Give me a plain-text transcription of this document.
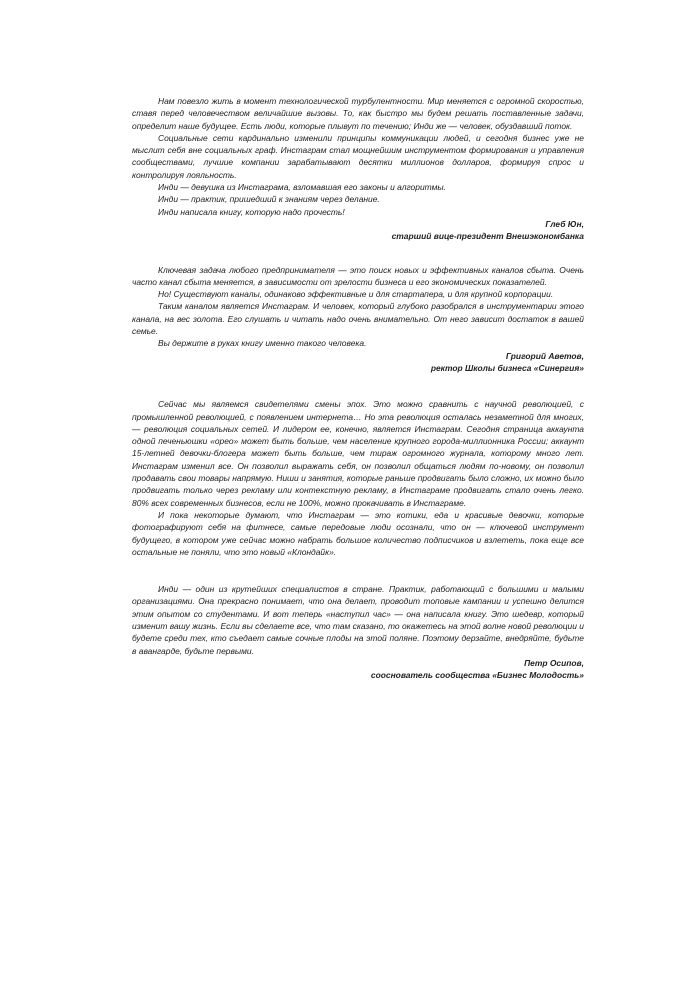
Нам повезло жить в момент технологической турбулентности. Мир меняется с огромной скоростью, ставя перед человечеством величайшие вызовы. То, как быстро мы будем решать поставленные задачи, определит наше будущее. Есть люди, которые плывут по течению; Инди же — человек, обуздавший поток.

Социальные сети кардинально изменили принципы коммуникации людей, и сегодня бизнес уже не мыслит себя вне социальных граф. Инстаграм стал мощнейшим инструментом формирования и управления сообществами, лучшие компании зарабатывают десятки миллионов долларов, формируя спрос и контролируя лояльность.

Инди — девушка из Инстаграма, взломавшая его законы и алгоритмы.

Инди — практик, пришедший к знаниям через делание.

Инди написала книгу, которую надо прочесть!

Глеб Юн,
старший вице-президент Внешэкономбанка

Ключевая задача любого предпринимателя — это поиск новых и эффективных каналов сбыта. Очень часто канал сбыта меняется, в зависимости от зрелости бизнеса и его экономических показателей.

Но! Существуют каналы, одинаково эффективные и для стартапера, и для крупной корпорации.

Таким каналом является Инстаграм. И человек, который глубоко разобрался в инструментарии этого канала, на вес золота. Его слушать и читать надо очень внимательно. От него зависит достаток в вашей семье.

Вы держите в руках книгу именно такого человека.

Григорий Аветов,
ректор Школы бизнеса «Синергия»

Сейчас мы являемся свидетелями смены эпох. Это можно сравнить с научной революцией, с промышленной революцией, с появлением интернета… Но эта революция осталась незаметной для многих, — революция социальных сетей. И лидером ее, конечно, является Инстаграм. Сегодня страница аккаунта одной печеньюшки «орео» может быть больше, чем население крупного города-миллионника России; аккаунт 15-летней девочки-блогера может быть больше, чем тираж огромного журнала, которому много лет. Инстаграм изменил все. Он позволил выражать себя, он позволил общаться людям по-новому, он позволил продавать свои товары напрямую. Ниши и занятия, которые раньше продвигать было сложно, их можно было продвигать только через рекламу или контекстную рекламу, в Инстаграме продвигать стало очень легко. 80% всех современных бизнесов, если не 100%, можно прокачивать в Инстаграме.

И пока некоторые думают, что Инстаграм — это котики, еда и красивые девочки, которые фотографируют себя на фитнесе, самые передовые люди осознали, что он — ключевой инструмент будущего, в котором уже сейчас можно набрать большое количество подписчиков и взлететь, пока еще все остальные не поняли, что это новый «Клондайк».

Инди — один из крутейших специалистов в стране. Практик, работающий с большими и малыми организациями. Она прекрасно понимает, что она делает, проводит топовые кампании и успешно делится этим опытом со студентами. И вот теперь «наступил час» — она написала книгу. Это шедевр, который изменит вашу жизнь. Если вы сделаете все, что там сказано, то окажетесь на этой волне новой революции и будете среди тех, кто съедает самые сочные плоды на этой поляне. Поэтому дерзайте, внедряйте, будьте в авангарде, будьте первыми.

Петр Осипов,
сооснователь сообщества «Бизнес Молодость»
